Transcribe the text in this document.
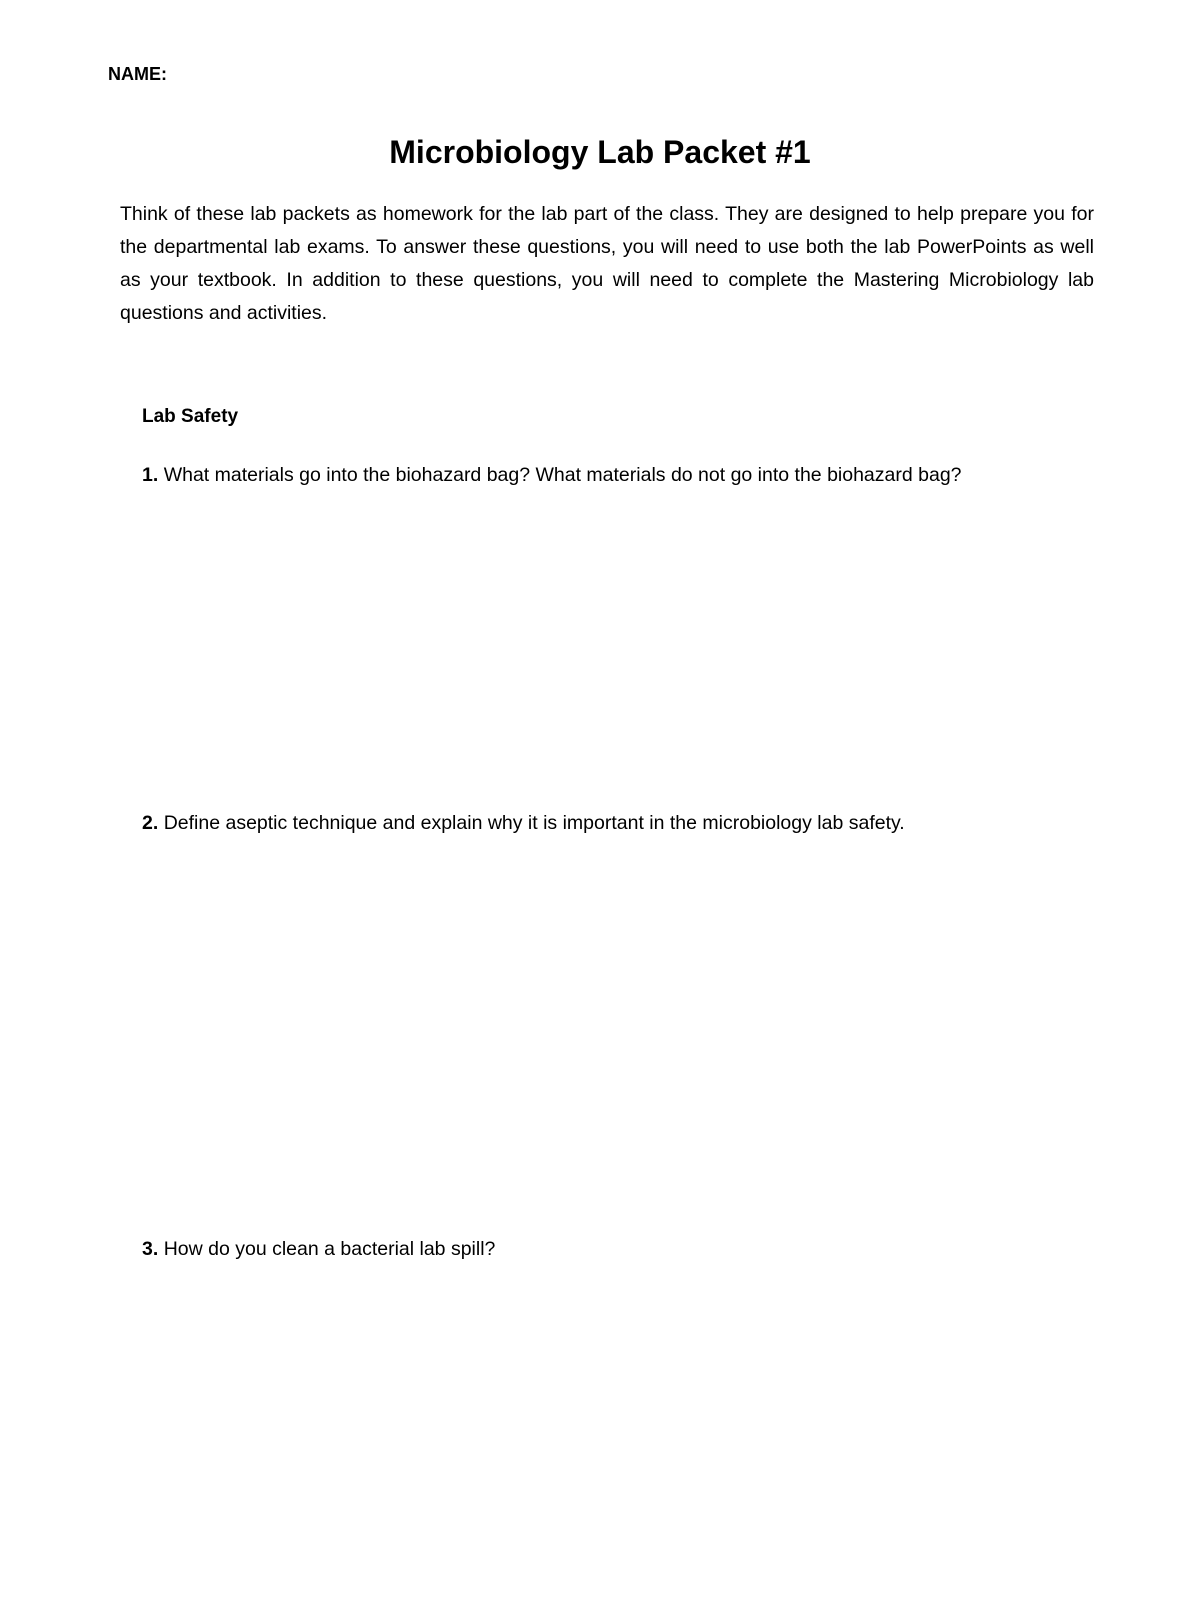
NAME:
Microbiology Lab Packet #1

Think of these lab packets as homework for the lab part of the class. They are designed to help prepare you for the departmental lab exams. To answer these questions, you will need to use both the lab PowerPoints as well as your textbook. In addition to these questions, you will need to complete the Mastering Microbiology lab questions and activities.

Lab Safety
1. What materials go into the biohazard bag? What materials do not go into the biohazard bag?
2. Define aseptic technique and explain why it is important in the microbiology lab safety.
3. How do you clean a bacterial lab spill?
